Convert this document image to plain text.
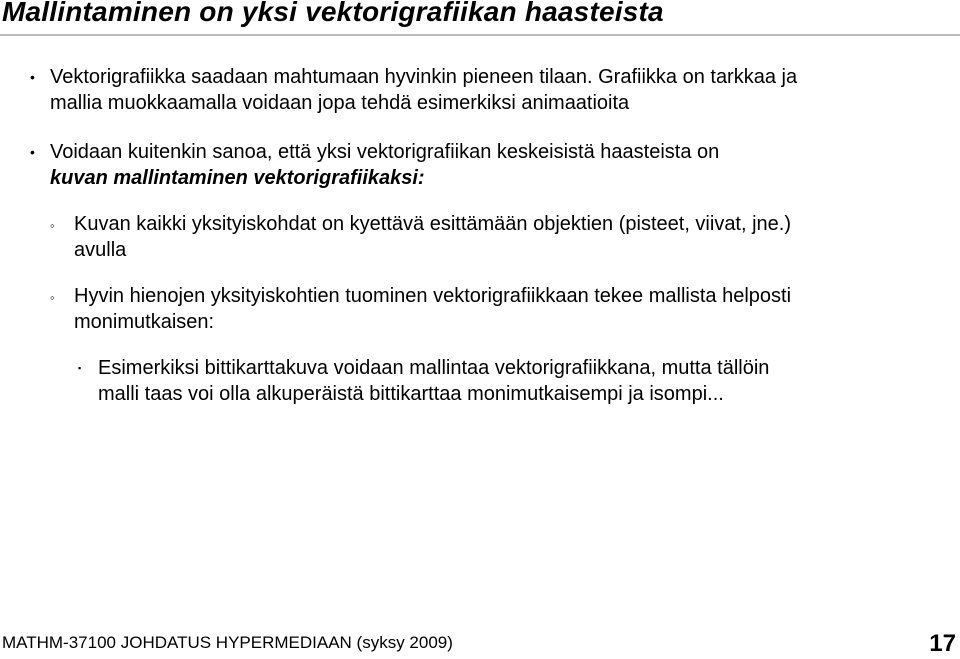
Mallintaminen on yksi vektorigrafiikan haasteista
• Vektorigrafiikka saadaan mahtumaan hyvinkin pieneen tilaan. Grafiikka on tarkkaa ja
mallia muokkaamalla voidaan jopa tehdä esimerkiksi animaatioita
• Voidaan kuitenkin sanoa, että yksi vektorigrafiikan keskeisistä haasteista on
kuvan mallintaminen vektorigrafiikaksi:
◦ Kuvan kaikki yksityiskohdat on kyettävä esittämään objektien (pisteet, viivat, jne.)
avulla
◦ Hyvin hienojen yksityiskohtien tuominen vektorigrafiikkaan tekee mallista helposti
monimutkaisen:
▪ Esimerkiksi bittikarttakuva voidaan mallintaa vektorigrafiikkana, mutta tällöin
malli taas voi olla alkuperäistä bittikarttaa monimutkaisempi ja isompi...
MATHM-37100 JOHDATUS HYPERMEDIAAN (syksy 2009)	17
